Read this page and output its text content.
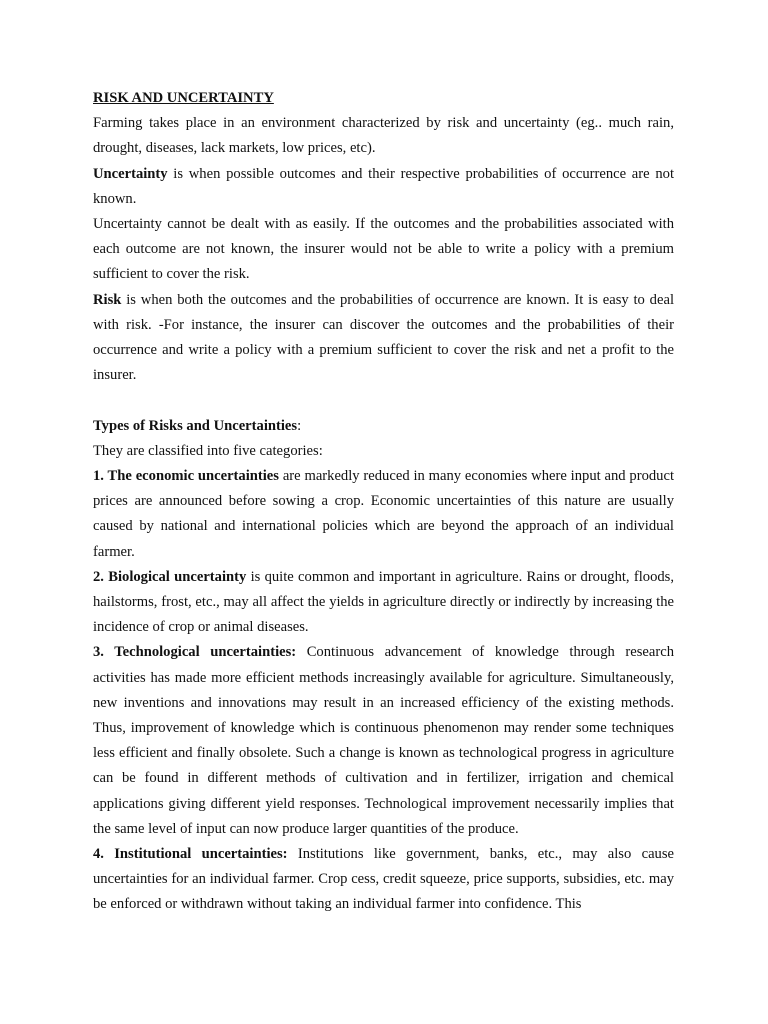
RISK AND UNCERTAINTY

Farming takes place in an environment characterized by risk and uncertainty (eg.. much rain, drought, diseases, lack markets, low prices, etc).

Uncertainty is when possible outcomes and their respective probabilities of occurrence are not known.

Uncertainty cannot be dealt with as easily. If the outcomes and the probabilities associated with each outcome are not known, the insurer would not be able to write a policy with a premium sufficient to cover the risk.

Risk is when both the outcomes and the probabilities of occurrence are known. It is easy to deal with risk. -For instance, the insurer can discover the outcomes and the probabilities of their occurrence and write a policy with a premium sufficient to cover the risk and net a profit to the insurer.

Types of Risks and Uncertainties:

They are classified into five categories:

1. The economic uncertainties are markedly reduced in many economies where input and product prices are announced before sowing a crop. Economic uncertainties of this nature are usually caused by national and international policies which are beyond the approach of an individual farmer.

2. Biological uncertainty is quite common and important in agriculture. Rains or drought, floods, hailstorms, frost, etc., may all affect the yields in agriculture directly or indirectly by increasing the incidence of crop or animal diseases.

3. Technological uncertainties: Continuous advancement of knowledge through research activities has made more efficient methods increasingly available for agriculture. Simultaneously, new inventions and innovations may result in an increased efficiency of the existing methods. Thus, improvement of knowledge which is continuous phenomenon may render some techniques less efficient and finally obsolete. Such a change is known as technological progress in agriculture can be found in different methods of cultivation and in fertilizer, irrigation and chemical applications giving different yield responses. Technological improvement necessarily implies that the same level of input can now produce larger quantities of the produce.

4. Institutional uncertainties: Institutions like government, banks, etc., may also cause uncertainties for an individual farmer. Crop cess, credit squeeze, price supports, subsidies, etc. may be enforced or withdrawn without taking an individual farmer into confidence. This
